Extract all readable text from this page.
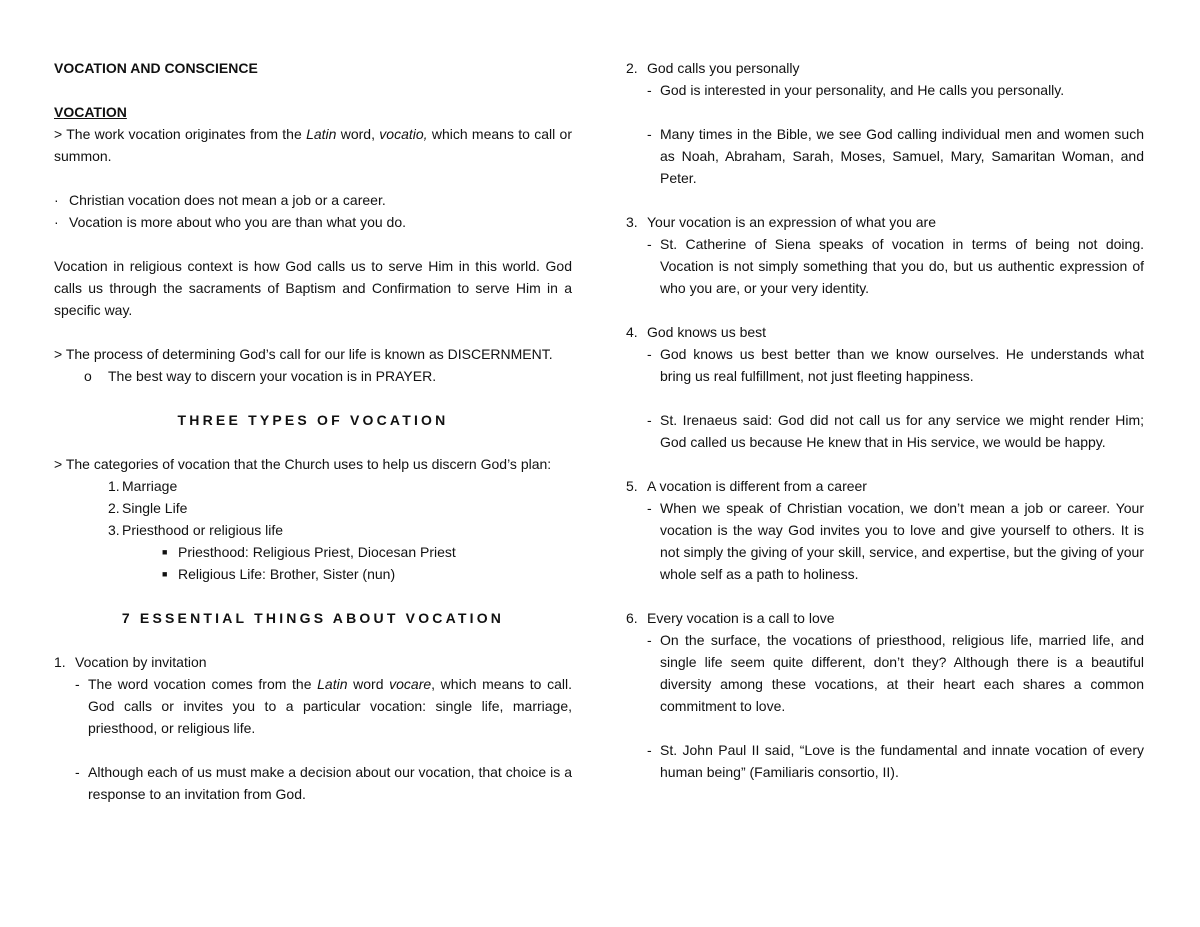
VOCATION AND CONSCIENCE

VOCATION

> The work vocation originates from the Latin word, vocatio, which means to call or summon.

· Christian vocation does not mean a job or a career.
· Vocation is more about who you are than what you do.

Vocation in religious context is how God calls us to serve Him in this world. God calls us through the sacraments of Baptism and Confirmation to serve Him in a specific way.

> The process of determining God’s call for our life is known as DISCERNMENT.

o	The best way to discern your vocation is in PRAYER.

THREE TYPES OF VOCATION

> The categories of vocation that the Church uses to help us discern God’s plan:

1. Marriage
2. Single Life
3. Priesthood or religious life
■ Priesthood: Religious Priest, Diocesan Priest
■ Religious Life: Brother, Sister (nun)

7 ESSENTIAL THINGS ABOUT VOCATION

1. Vocation by invitation
- The word vocation comes from the Latin word vocare, which means to call. God calls or invites you to a particular vocation: single life, marriage, priesthood, or religious life.
- Although each of us must make a decision about our vocation, that choice is a response to an invitation from God.
2. God calls you personally
- God is interested in your personality, and He calls you personally.
- Many times in the Bible, we see God calling individual men and women such as Noah, Abraham, Sarah, Moses, Samuel, Mary, Samaritan Woman, and Peter.
3. Your vocation is an expression of what you are
- St. Catherine of Siena speaks of vocation in terms of being not doing. Vocation is not simply something that you do, but us authentic expression of who you are, or your very identity.
4. God knows us best
- God knows us best better than we know ourselves. He understands what bring us real fulfillment, not just fleeting happiness.
- St. Irenaeus said: God did not call us for any service we might render Him; God called us because He knew that in His service, we would be happy.
5. A vocation is different from a career
- When we speak of Christian vocation, we don’t mean a job or career. Your vocation is the way God invites you to love and give yourself to others. It is not simply the giving of your skill, service, and expertise, but the giving of your whole self as a path to holiness.
6. Every vocation is a call to love
- On the surface, the vocations of priesthood, religious life, married life, and single life seem quite different, don’t they? Although there is a beautiful diversity among these vocations, at their heart each shares a common commitment to love.
- St. John Paul II said, “Love is the fundamental and innate vocation of every human being” (Familiaris consortio, II).
